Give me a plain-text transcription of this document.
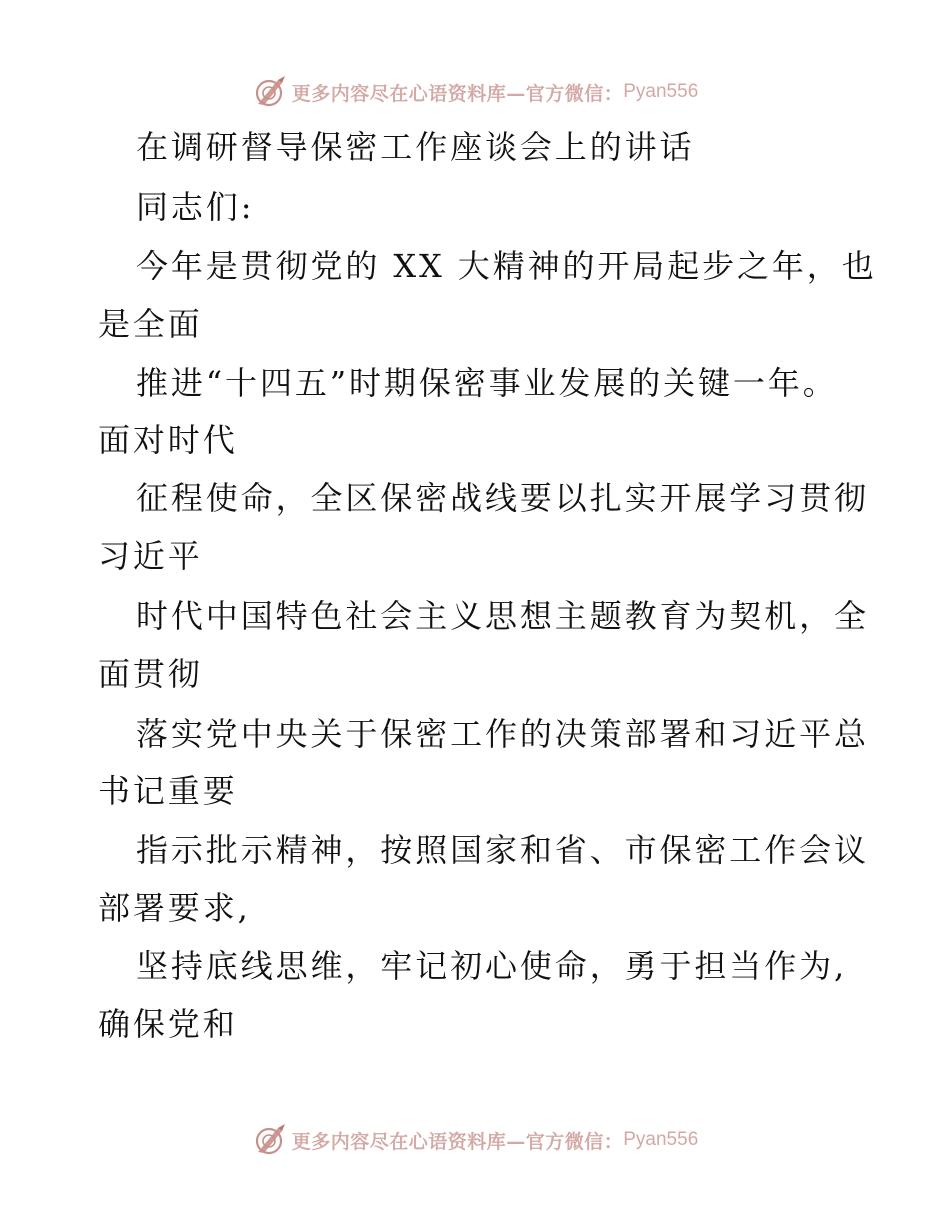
更多内容尽在心语资料库—官方微信： Pyan556
在调研督导保密工作座谈会上的讲话
同志们:
今年是贯彻党的 XX 大精神的开局起步之年，也
是全面
推进“十四五”时期保密事业发展的关键一年。
面对时代
征程使命，全区保密战线要以扎实开展学习贯彻
习近平
时代中国特色社会主义思想主题教育为契机，全
面贯彻
落实党中央关于保密工作的决策部署和习近平总
书记重要
指示批示精神，按照国家和省、市保密工作会议
部署要求,
坚持底线思维，牢记初心使命，勇于担当作为,
确保党和
更多内容尽在心语资料库—官方微信： Pyan556
